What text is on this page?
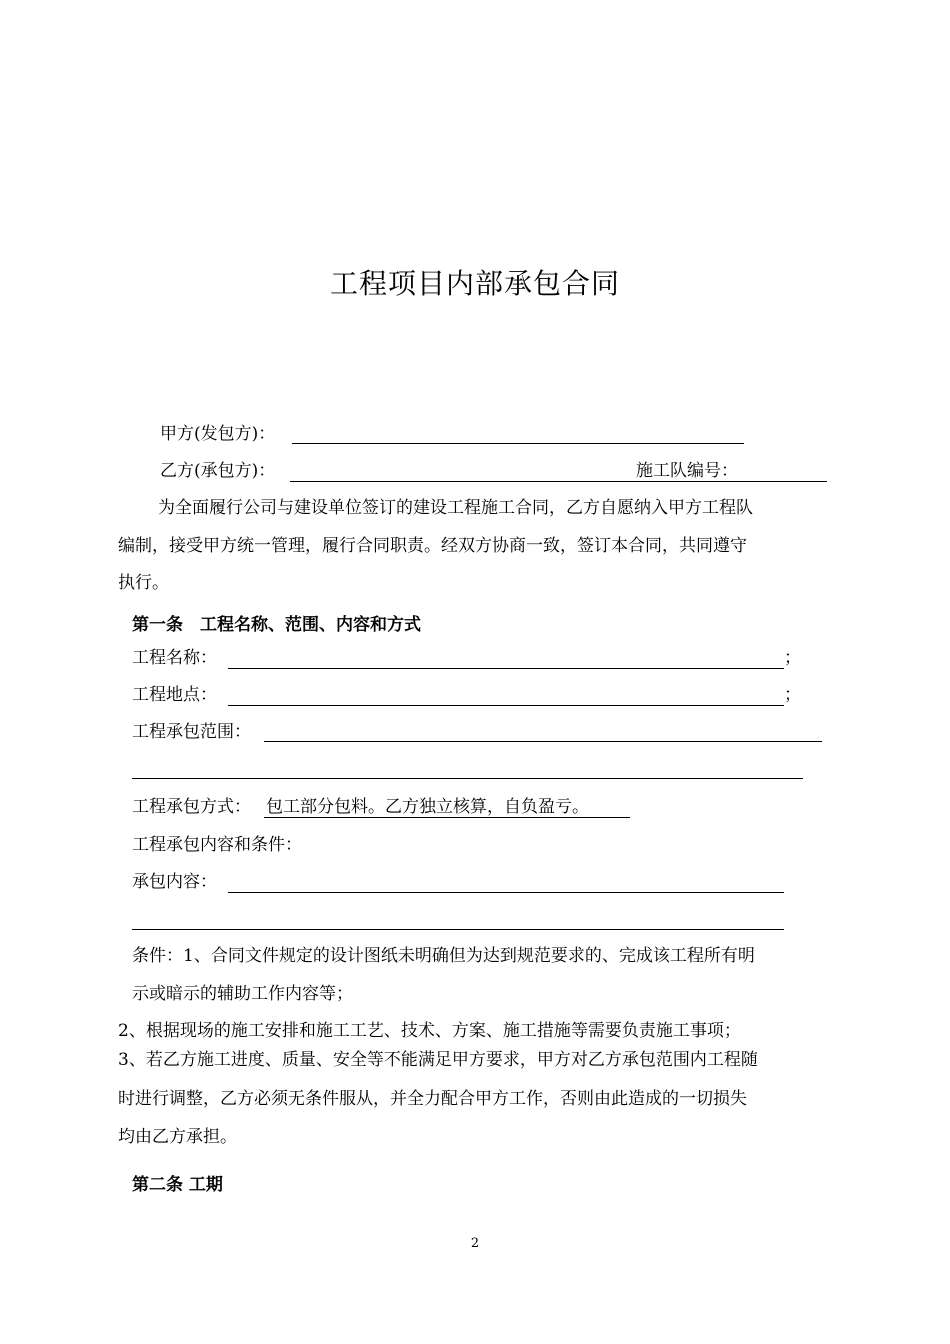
工程项目内部承包合同
甲方(发包方)：
乙方(承包方)：	施工队编号：
为全面履行公司与建设单位签订的建设工程施工合同，乙方自愿纳入甲方工程队
编制，接受甲方统一管理，履行合同职责。经双方协商一致，签订本合同，共同遵守
执行。
第一条　工程名称、范围、内容和方式
工程名称：	；
工程地点：	；
工程承包范围：
工程承包方式： 包工部分包料。乙方独立核算，自负盈亏。
工程承包内容和条件：
承包内容：
条件：1、合同文件规定的设计图纸未明确但为达到规范要求的、完成该工程所有明
示或暗示的辅助工作内容等；
2、根据现场的施工安排和施工工艺、技术、方案、施工措施等需要负责施工事项；
3、若乙方施工进度、质量、安全等不能满足甲方要求，甲方对乙方承包范围内工程随
时进行调整，乙方必须无条件服从，并全力配合甲方工作，否则由此造成的一切损失
均由乙方承担。
第二条 工期
2
